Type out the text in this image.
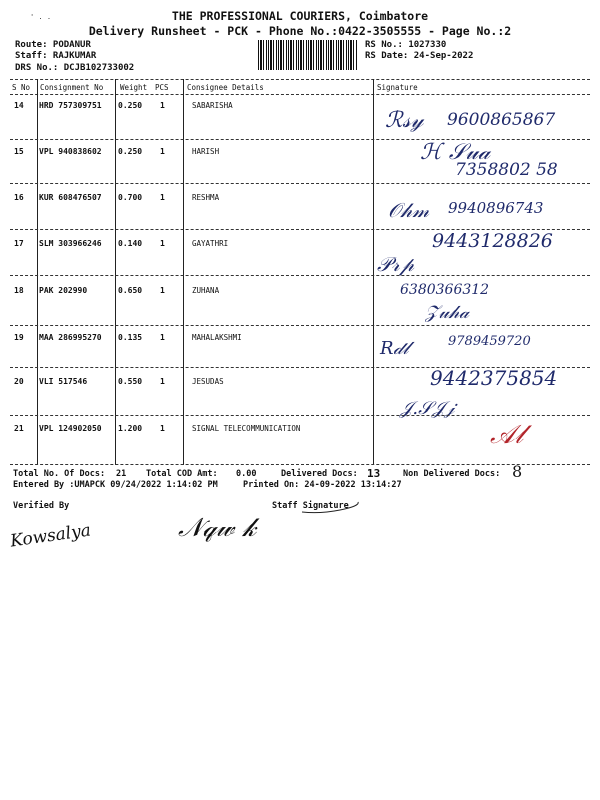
' . .	THE PROFESSIONAL COURIERS, Coimbatore
Delivery Runsheet - PCK - Phone No.:0422-3505555 - Page No.:2
Route: PODANUR
Staff: RAJKUMAR
DRS No.: DCJB102733002
RS No.: 1027330
RS Date: 24-Sep-2022
S No Consignment No Weight PCS Consignee Details	Signature
14 HRD 757309751 0.250 1	SABARISHA
ℛ𝓈𝓎 9600865867
15 VPL 940838602 0.250 1	HARISH	ℋ 𝒮𝓊𝒶
7358802 58
16 KUR 608476507 0.700 1	RESHMA
𝒪𝒽𝓂 9940896743
17 SLM 303966246 0.140 1	GAYATHRI
𝒫𝓇𝓅
9443128826
18 PAK 202990	0.650 1	ZUHANA	6380366312
𝒵𝓊𝒽𝒶
19 MAA 286995270 0.135 1	MAHALAKSHMI
𝑅𝒹𝓁	9789459720
20 VLI 517546	0.550 1	JESUDAS	9442375854
𝒥.𝒮𝒥𝒿
21 VPL 124902050 1.200 1	SIGNAL TELECOMMUNICATION	𝒜𝓁
Total No. Of Docs: 21 Total COD Amt: 0.00	Delivered Docs: 13	Non Delivered Docs: 8
Entered By :UMAPCK 09/24/2022 1:14:02 PM	Printed On: 24-09-2022 13:14:27
Verified By	Staff Signature
Kowsalya	𝒩𝓆𝓌 𝓀
